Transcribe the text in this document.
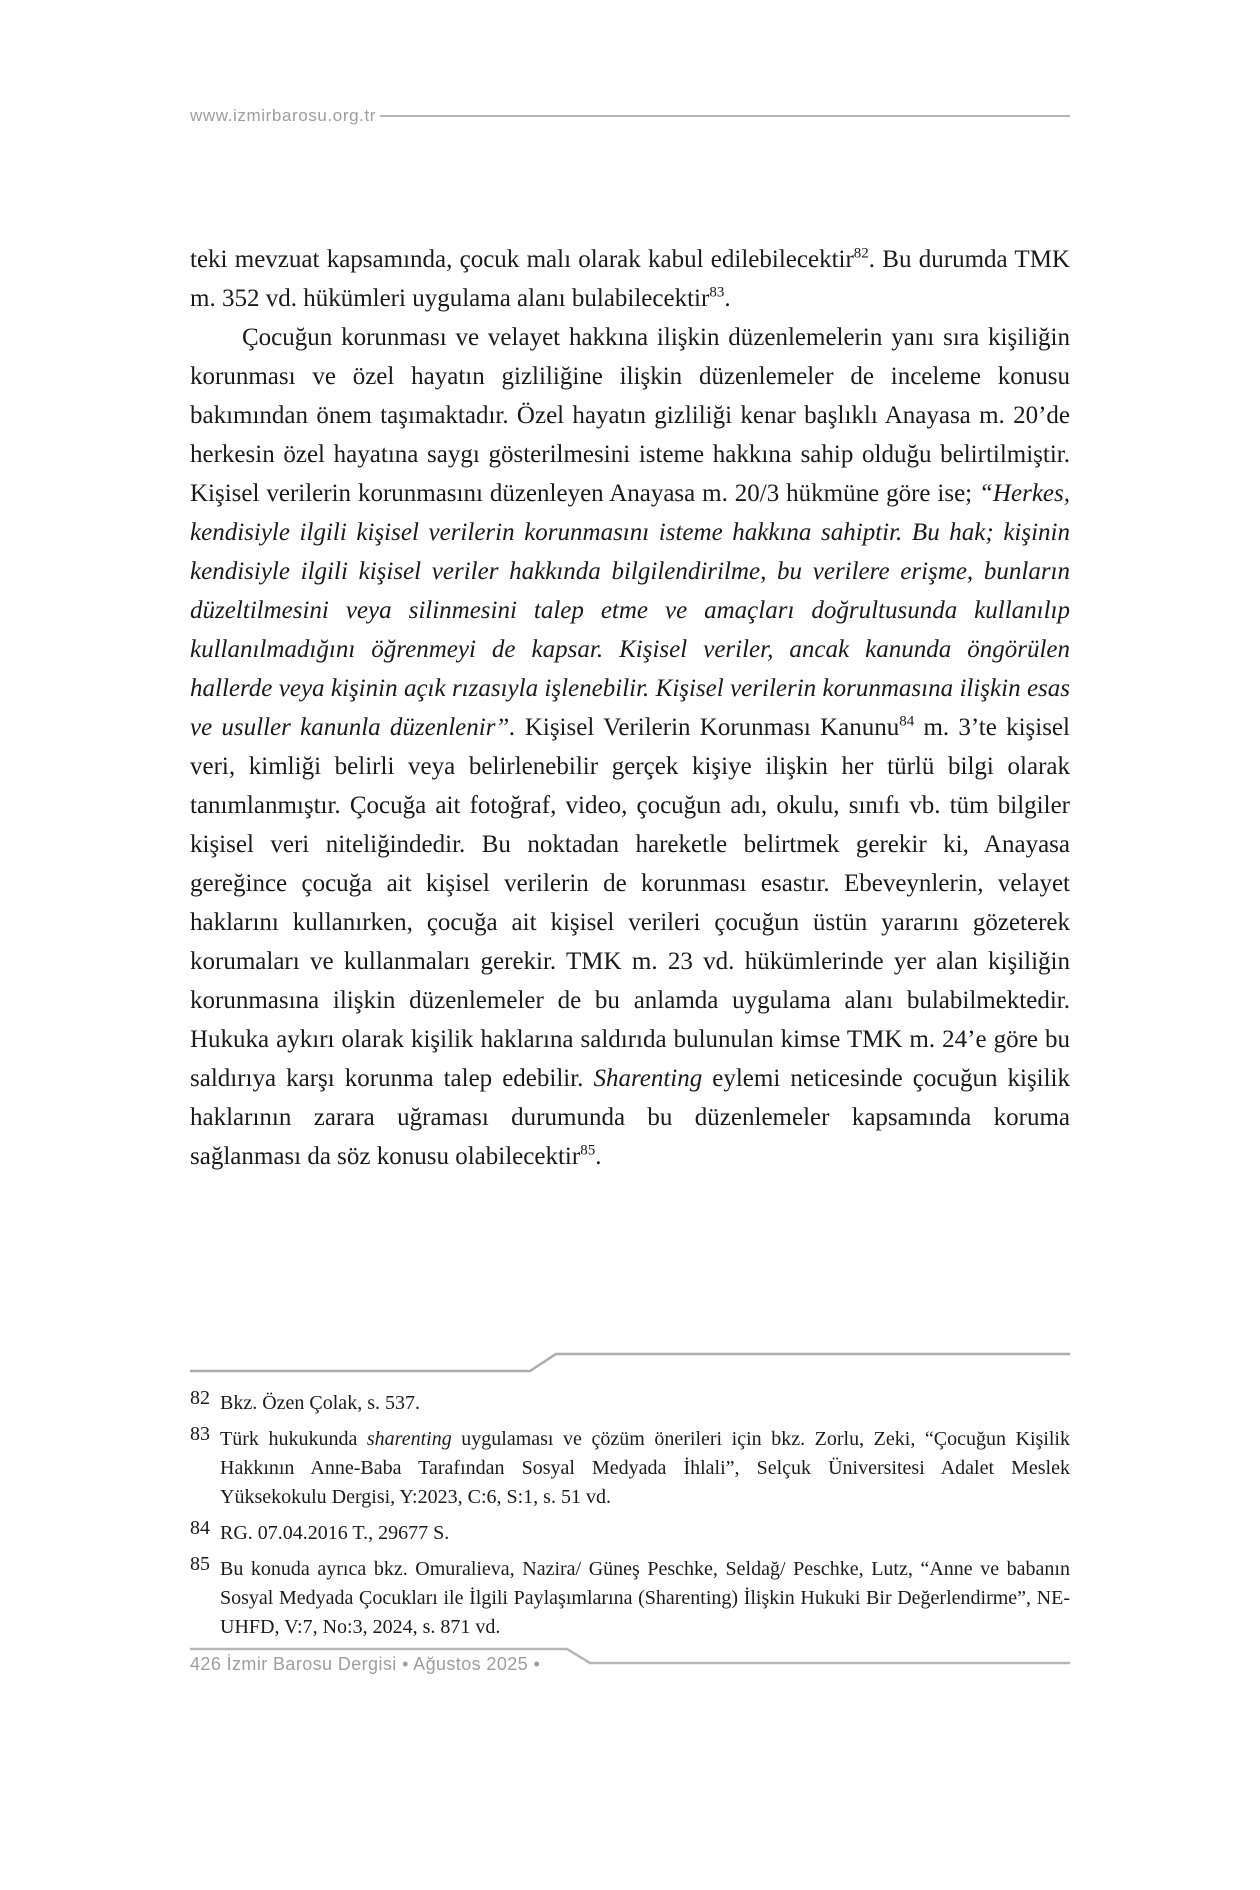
www.izmirbarosu.org.tr

teki mevzuat kapsamında, çocuk malı olarak kabul edilebilecektir$^{82}$. Bu durumda TMK m. 352 vd. hükümleri uygulama alanı bulabilecektir$^{83}$.

Çocuğun korunması ve velayet hakkına ilişkin düzenlemelerin yanı sıra kişiliğin korunması ve özel hayatın gizliliğine ilişkin düzenlemeler de inceleme konusu bakımından önem taşımaktadır. Özel hayatın gizliliği kenar başlıklı Anayasa m. 20’de herkesin özel hayatına saygı gösterilmesini isteme hakkına sahip olduğu belirtilmiştir. Kişisel verilerin korunmasını düzenleyen Anayasa m. 20/3 hükmüne göre ise; “Herkes, kendisiyle ilgili kişisel verilerin korunmasını isteme hakkına sahiptir. Bu hak; kişinin kendisiyle ilgili kişisel veriler hakkında bilgilendirilme, bu verilere erişme, bunların düzeltilmesini veya silinmesini talep etme ve amaçları doğrultusunda kullanılıp kullanılmadığını öğrenmeyi de kapsar. Kişisel veriler, ancak kanunda öngörülen hallerde veya kişinin açık rızasıyla işlenebilir. Kişisel verilerin korunmasına ilişkin esas ve usuller kanunla düzenlenir”. Kişisel Verilerin Korunması Kanunu$^{84}$ m. 3’te kişisel veri, kimliği belirli veya belirlenebilir gerçek kişiye ilişkin her türlü bilgi olarak tanımlanmıştır. Çocuğa ait fotoğraf, video, çocuğun adı, okulu, sınıfı vb. tüm bilgiler kişisel veri niteliğindedir. Bu noktadan hareketle belirtmek gerekir ki, Anayasa gereğince çocuğa ait kişisel verilerin de korunması esastır. Ebeveynlerin, velayet haklarını kullanırken, çocuğa ait kişisel verileri çocuğun üstün yararını gözeterek korumaları ve kullanmaları gerekir. TMK m. 23 vd. hükümlerinde yer alan kişiliğin korunmasına ilişkin düzenlemeler de bu anlamda uygulama alanı bulabilmektedir. Hukuka aykırı olarak kişilik haklarına saldırıda bulunulan kimse TMK m. 24’e göre bu saldırıya karşı korunma talep edebilir. Sharenting eylemi neticesinde çocuğun kişilik haklarının zarara uğraması durumunda bu düzenlemeler kapsamında koruma sağlanması da söz konusu olabilecektir$^{85}$.

82 Bkz. Özen Çolak, s. 537.
83 Türk hukukunda sharenting uygulaması ve çözüm önerileri için bkz. Zorlu, Zeki, “Çocuğun Kişilik Hakkının Anne-Baba Tarafından Sosyal Medyada İhlali”, Selçuk Üniversitesi Adalet Meslek Yüksekokulu Dergisi, Y:2023, C:6, S:1, s. 51 vd.
84 RG. 07.04.2016 T., 29677 S.
85 Bu konuda ayrıca bkz. Omuralieva, Nazira/ Güneş Peschke, Seldağ/ Peschke, Lutz, “Anne ve babanın Sosyal Medyada Çocukları ile İlgili Paylaşımlarına (Sharenting) İlişkin Hukuki Bir Değerlendirme”, NE-UHFD, V:7, No:3, 2024, s. 871 vd.
426 İzmir Barosu Dergisi • Ağustos 2025 •
